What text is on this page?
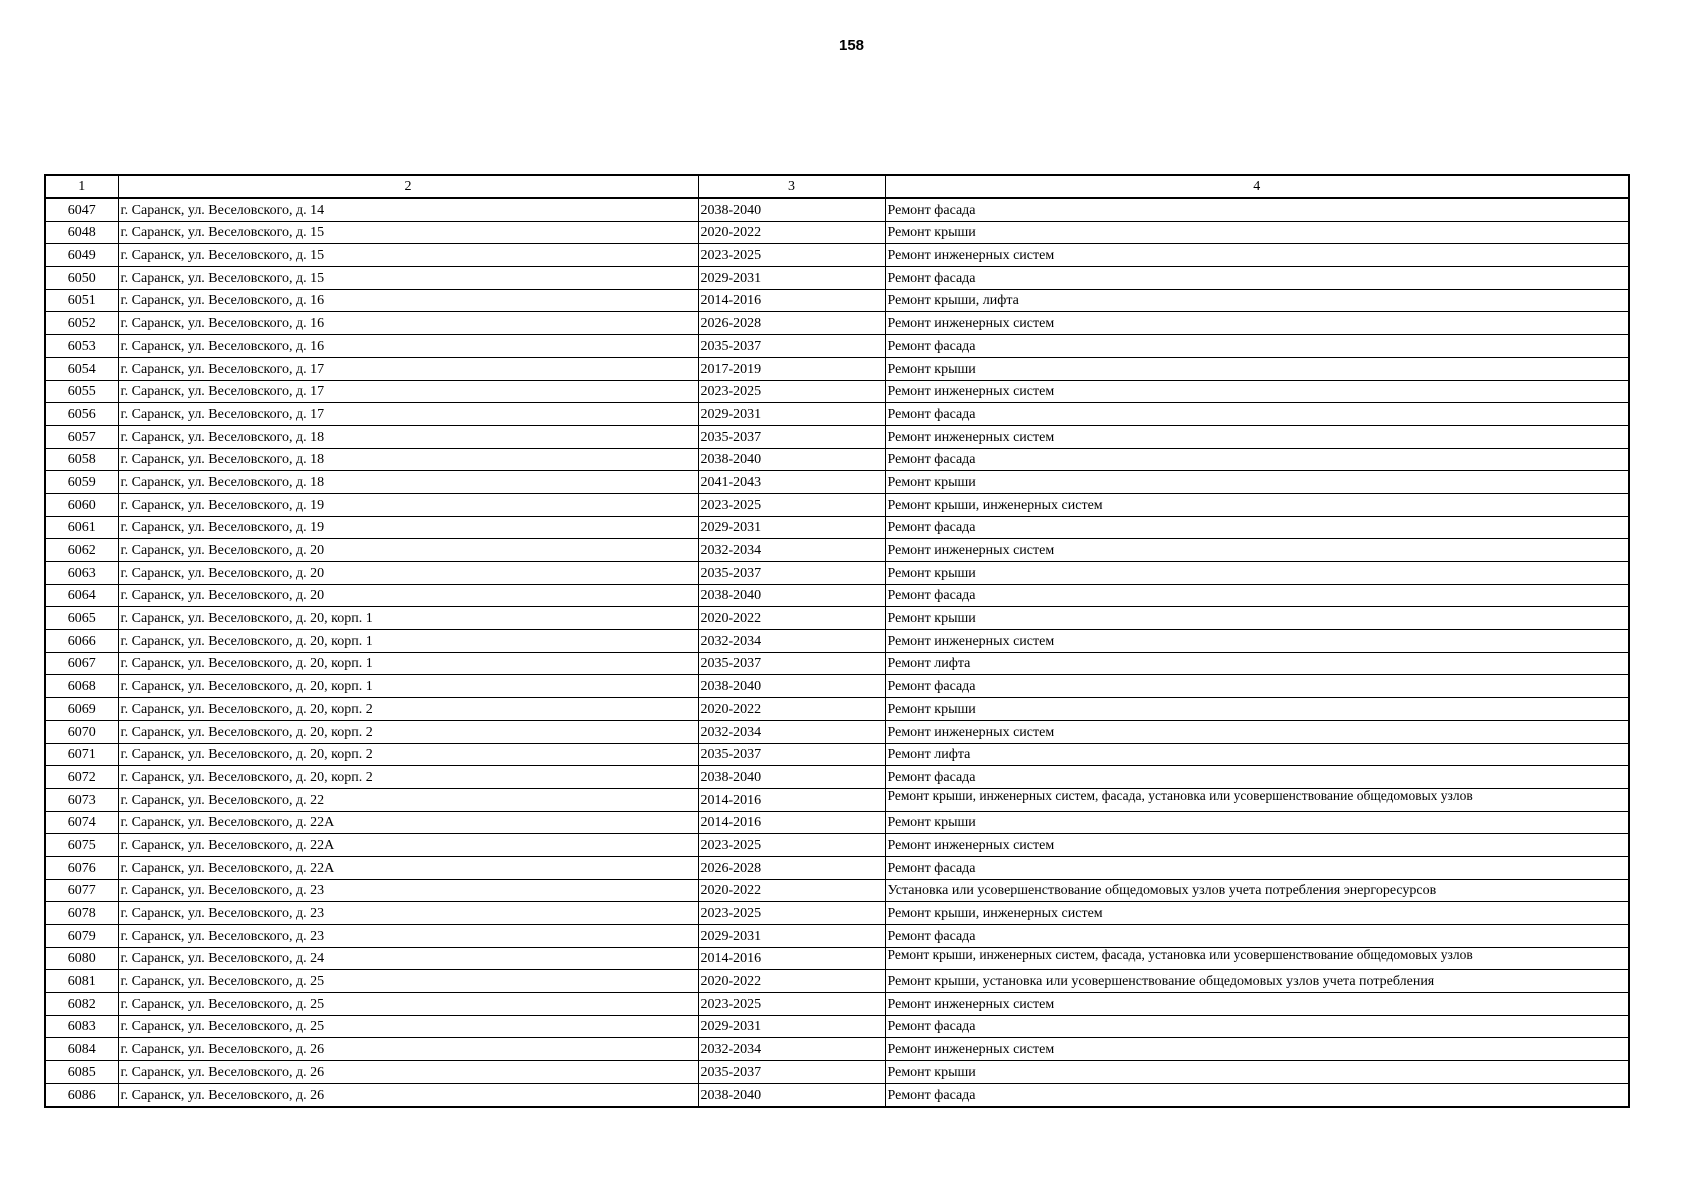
158
1	2	3	4
6047	г. Саранск, ул. Веселовского, д. 14	2038-2040	Ремонт фасада
6048	г. Саранск, ул. Веселовского, д. 15	2020-2022	Ремонт крыши
6049	г. Саранск, ул. Веселовского, д. 15	2023-2025	Ремонт инженерных систем
6050	г. Саранск, ул. Веселовского, д. 15	2029-2031	Ремонт фасада
6051	г. Саранск, ул. Веселовского, д. 16	2014-2016	Ремонт крыши, лифта
6052	г. Саранск, ул. Веселовского, д. 16	2026-2028	Ремонт инженерных систем
6053	г. Саранск, ул. Веселовского, д. 16	2035-2037	Ремонт фасада
6054	г. Саранск, ул. Веселовского, д. 17	2017-2019	Ремонт крыши
6055	г. Саранск, ул. Веселовского, д. 17	2023-2025	Ремонт инженерных систем
6056	г. Саранск, ул. Веселовского, д. 17	2029-2031	Ремонт фасада
6057	г. Саранск, ул. Веселовского, д. 18	2035-2037	Ремонт инженерных систем
6058	г. Саранск, ул. Веселовского, д. 18	2038-2040	Ремонт фасада
6059	г. Саранск, ул. Веселовского, д. 18	2041-2043	Ремонт крыши
6060	г. Саранск, ул. Веселовского, д. 19	2023-2025	Ремонт крыши, инженерных систем
6061	г. Саранск, ул. Веселовского, д. 19	2029-2031	Ремонт фасада
6062	г. Саранск, ул. Веселовского, д. 20	2032-2034	Ремонт инженерных систем
6063	г. Саранск, ул. Веселовского, д. 20	2035-2037	Ремонт крыши
6064	г. Саранск, ул. Веселовского, д. 20	2038-2040	Ремонт фасада
6065	г. Саранск, ул. Веселовского, д. 20, корп. 1	2020-2022	Ремонт крыши
6066	г. Саранск, ул. Веселовского, д. 20, корп. 1	2032-2034	Ремонт инженерных систем
6067	г. Саранск, ул. Веселовского, д. 20, корп. 1	2035-2037	Ремонт лифта
6068	г. Саранск, ул. Веселовского, д. 20, корп. 1	2038-2040	Ремонт фасада
6069	г. Саранск, ул. Веселовского, д. 20, корп. 2	2020-2022	Ремонт крыши
6070	г. Саранск, ул. Веселовского, д. 20, корп. 2	2032-2034	Ремонт инженерных систем
6071	г. Саранск, ул. Веселовского, д. 20, корп. 2	2035-2037	Ремонт лифта
6072	г. Саранск, ул. Веселовского, д. 20, корп. 2	2038-2040	Ремонт фасада
6073	г. Саранск, ул. Веселовского, д. 22	2014-2016	Ремонт крыши, инженерных систем, фасада, установка или усовершенствование общедомовых узлов
6074	г. Саранск, ул. Веселовского, д. 22А	2014-2016	Ремонт крыши
6075	г. Саранск, ул. Веселовского, д. 22А	2023-2025	Ремонт инженерных систем
6076	г. Саранск, ул. Веселовского, д. 22А	2026-2028	Ремонт фасада
6077	г. Саранск, ул. Веселовского, д. 23	2020-2022	Установка или усовершенствование общедомовых узлов учета потребления энергоресурсов
6078	г. Саранск, ул. Веселовского, д. 23	2023-2025	Ремонт крыши, инженерных систем
6079	г. Саранск, ул. Веселовского, д. 23	2029-2031	Ремонт фасада
6080	г. Саранск, ул. Веселовского, д. 24	2014-2016	Ремонт крыши, инженерных систем, фасада, установка или усовершенствование общедомовых узлов
6081	г. Саранск, ул. Веселовского, д. 25	2020-2022	Ремонт крыши, установка или усовершенствование общедомовых узлов учета потребления
6082	г. Саранск, ул. Веселовского, д. 25	2023-2025	Ремонт инженерных систем
6083	г. Саранск, ул. Веселовского, д. 25	2029-2031	Ремонт фасада
6084	г. Саранск, ул. Веселовского, д. 26	2032-2034	Ремонт инженерных систем
6085	г. Саранск, ул. Веселовского, д. 26	2035-2037	Ремонт крыши
6086	г. Саранск, ул. Веселовского, д. 26	2038-2040	Ремонт фасада
